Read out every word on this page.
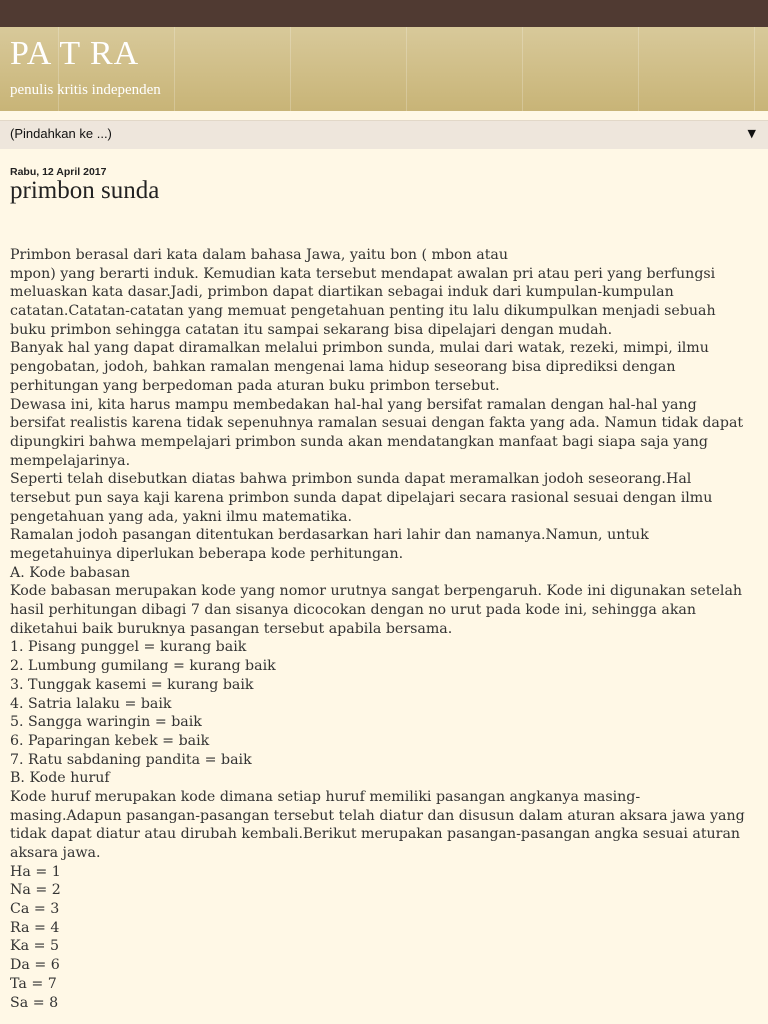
PA T RA
penulis kritis independen
(Pindahkan ke ...)	▼
Rabu, 12 April 2017
primbon sunda
Primbon berasal dari kata dalam bahasa Jawa, yaitu bon ( mbon atau
mpon) yang berarti induk. Kemudian kata tersebut mendapat awalan pri atau peri yang berfungsi
meluaskan kata dasar.Jadi, primbon dapat diartikan sebagai induk dari kumpulan-kumpulan
catatan.Catatan-catatan yang memuat pengetahuan penting itu lalu dikumpulkan menjadi sebuah
buku primbon sehingga catatan itu sampai sekarang bisa dipelajari dengan mudah.
Banyak hal yang dapat diramalkan melalui primbon sunda, mulai dari watak, rezeki, mimpi, ilmu
pengobatan, jodoh, bahkan ramalan mengenai lama hidup seseorang bisa diprediksi dengan
perhitungan yang berpedoman pada aturan buku primbon tersebut.
Dewasa ini, kita harus mampu membedakan hal-hal yang bersifat ramalan dengan hal-hal yang
bersifat realistis karena tidak sepenuhnya ramalan sesuai dengan fakta yang ada. Namun tidak dapat
dipungkiri bahwa mempelajari primbon sunda akan mendatangkan manfaat bagi siapa saja yang
mempelajarinya.
Seperti telah disebutkan diatas bahwa primbon sunda dapat meramalkan jodoh seseorang.Hal
tersebut pun saya kaji karena primbon sunda dapat dipelajari secara rasional sesuai dengan ilmu
pengetahuan yang ada, yakni ilmu matematika.
Ramalan jodoh pasangan ditentukan berdasarkan hari lahir dan namanya.Namun, untuk
megetahuinya diperlukan beberapa kode perhitungan.
A. Kode babasan
Kode babasan merupakan kode yang nomor urutnya sangat berpengaruh. Kode ini digunakan setelah
hasil perhitungan dibagi 7 dan sisanya dicocokan dengan no urut pada kode ini, sehingga akan
diketahui baik buruknya pasangan tersebut apabila bersama.
1. Pisang punggel = kurang baik
2. Lumbung gumilang = kurang baik
3. Tunggak kasemi = kurang baik
4. Satria lalaku = baik
5. Sangga waringin = baik
6. Paparingan kebek = baik
7. Ratu sabdaning pandita = baik
B. Kode huruf
Kode huruf merupakan kode dimana setiap huruf memiliki pasangan angkanya masing-
masing.Adapun pasangan-pasangan tersebut telah diatur dan disusun dalam aturan aksara jawa yang
tidak dapat diatur atau dirubah kembali.Berikut merupakan pasangan-pasangan angka sesuai aturan
aksara jawa.
Ha = 1
Na = 2
Ca = 3
Ra = 4
Ka = 5
Da = 6
Ta = 7
Sa = 8
